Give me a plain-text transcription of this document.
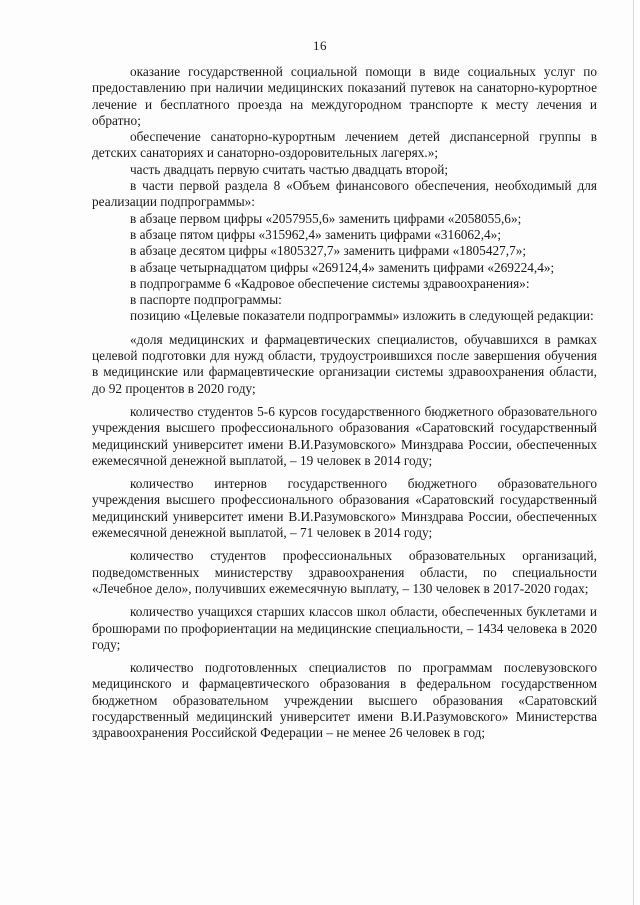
16

оказание государственной социальной помощи в виде социальных услуг по предоставлению при наличии медицинских показаний путевок на санаторно-курортное лечение и бесплатного проезда на междугородном транспорте к месту лечения и обратно;

обеспечение санаторно-курортным лечением детей диспансерной группы в детских санаториях и санаторно-оздоровительных лагерях.»;

часть двадцать первую считать частью двадцать второй;

в части первой раздела 8 «Объем финансового обеспечения, необходимый для реализации подпрограммы»:

в абзаце первом цифры «2057955,6» заменить цифрами «2058055,6»;

в абзаце пятом цифры «315962,4» заменить цифрами «316062,4»;

в абзаце десятом цифры «1805327,7» заменить цифрами «1805427,7»;

в абзаце четырнадцатом цифры «269124,4» заменить цифрами «269224,4»;

в подпрограмме 6 «Кадровое обеспечение системы здравоохранения»:

в паспорте подпрограммы:

позицию «Целевые показатели подпрограммы» изложить в следующей редакции:

«доля медицинских и фармацевтических специалистов, обучавшихся в рамках целевой подготовки для нужд области, трудоустроившихся после завершения обучения в медицинские или фармацевтические организации системы здравоохранения области, до 92 процентов в 2020 году;

количество студентов 5-6 курсов государственного бюджетного образовательного учреждения высшего профессионального образования «Саратовский государственный медицинский университет имени В.И.Разумовского» Минздрава России, обеспеченных ежемесячной денежной выплатой, – 19 человек в 2014 году;

количество интернов государственного бюджетного образовательного учреждения высшего профессионального образования «Саратовский государственный медицинский университет имени В.И.Разумовского» Минздрава России, обеспеченных ежемесячной денежной выплатой, – 71 человек в 2014 году;

количество студентов профессиональных образовательных организаций, подведомственных министерству здравоохранения области, по специальности «Лечебное дело», получивших ежемесячную выплату, – 130 человек в 2017-2020 годах;

количество учащихся старших классов школ области, обеспеченных буклетами и брошюрами по профориентации на медицинские специальности, – 1434 человека в 2020 году;

количество подготовленных специалистов по программам послевузовского медицинского и фармацевтического образования в федеральном государственном бюджетном образовательном учреждении высшего образования «Саратовский государственный медицинский университет имени В.И.Разумовского» Министерства здравоохранения Российской Федерации – не менее 26 человек в год;
